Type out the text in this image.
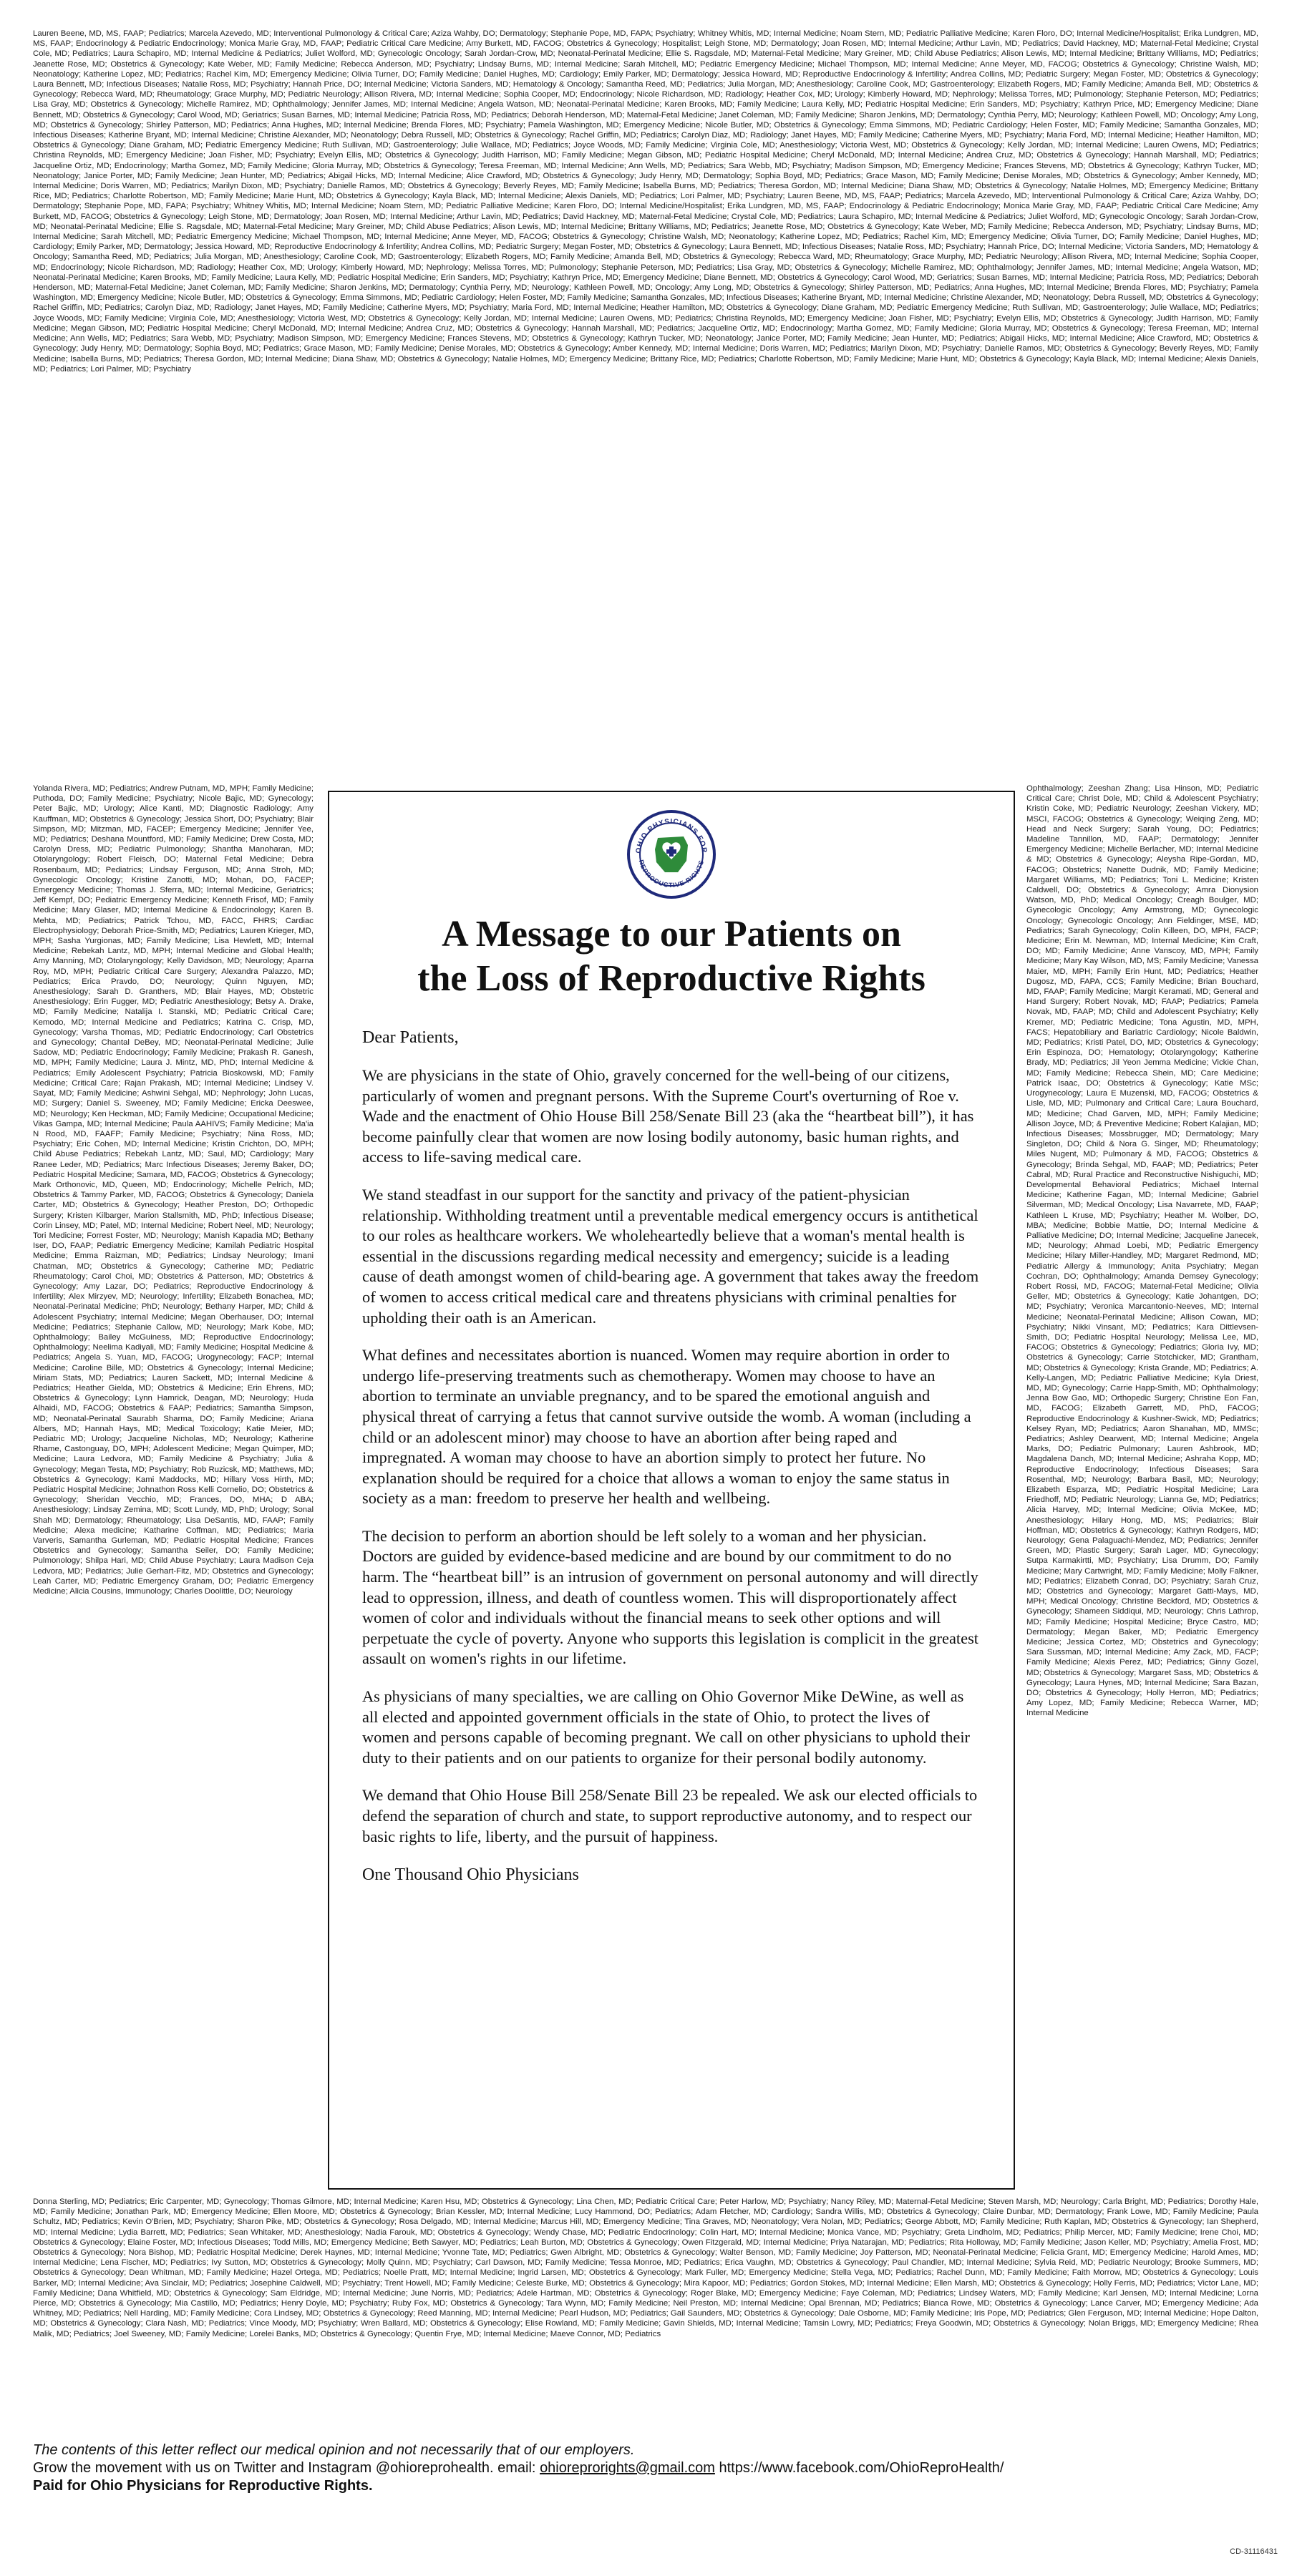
Lauren Beene, MD, MS, FAAP; Pediatrics; Marcela Azevedo, MD; Interventional Pulmonology & Critical Care; Aziza Wahby, DO; Dermatology; Stephanie Pope, MD, FAPA; Psychiatry; Whitney Whitis, MD; Internal Medicine; Noam Stern, MD; Pediatric Palliative Medicine; Karen Floro, DO; Internal Medicine/Hospitalist; Erika Lundgren, MD, MS, FAAP; Endocrinology & Pediatric Endocrinology; Monica Marie Gray, MD, FAAP; Pediatric Critical Care Medicine; Amy Burkett, MD, FACOG; Obstetrics & Gynecology; Hospitalist; Leigh Stone, MD; Dermatology; Joan Rosen, MD; Internal Medicine; Arthur Lavin, MD; Pediatrics; David Hackney, MD; Maternal-Fetal Medicine; Crystal Cole, MD; Pediatrics; Laura Schapiro, MD; Internal Medicine & Pediatrics; Juliet Wolford, MD; Gynecologic Oncology; Sarah Jordan-Crow, MD; Neonatal-Perinatal Medicine; Ellie S. Ragsdale, MD; Maternal-Fetal Medicine; Mary Greiner, MD; Child Abuse Pediatrics; Alison Lewis, MD; Internal Medicine; Brittany Williams, MD; Pediatrics; Jeanette Rose, MD; Obstetrics & Gynecology; Kate Weber, MD; Family Medicine; Rebecca Anderson, MD; Psychiatry; Lindsay Burns, MD; Internal Medicine; Sarah Mitchell, MD; Pediatric Emergency Medicine; Michael Thompson, MD; Internal Medicine; Anne Meyer, MD, FACOG; Obstetrics & Gynecology; Christine Walsh, MD; Neonatology; Katherine Lopez, MD; Pediatrics; Rachel Kim, MD; Emergency Medicine; Olivia Turner, DO; Family Medicine; Daniel Hughes, MD; Cardiology; Emily Parker, MD; Dermatology; Jessica Howard, MD; Reproductive Endocrinology & Infertility; Andrea Collins, MD; Pediatric Surgery; Megan Foster, MD; Obstetrics & Gynecology; Laura Bennett, MD; Infectious Diseases; Natalie Ross, MD; Psychiatry; Hannah Price, DO; Internal Medicine; Victoria Sanders, MD; Hematology & Oncology; Samantha Reed, MD; Pediatrics; Julia Morgan, MD; Anesthesiology; Caroline Cook, MD; Gastroenterology; Elizabeth Rogers, MD; Family Medicine; Amanda Bell, MD; Obstetrics & Gynecology; Rebecca Ward, MD; Rheumatology; Grace Murphy, MD; Pediatric Neurology; Allison Rivera, MD; Internal Medicine; Sophia Cooper, MD; Endocrinology; Nicole Richardson, MD; Radiology; Heather Cox, MD; Urology; Kimberly Howard, MD; Nephrology; Melissa Torres, MD; Pulmonology; Stephanie Peterson, MD; Pediatrics; Lisa Gray, MD; Obstetrics & Gynecology; Michelle Ramirez, MD; Ophthalmology; Jennifer James, MD; Internal Medicine; Angela Watson, MD; Neonatal-Perinatal Medicine; Karen Brooks, MD; Family Medicine; Laura Kelly, MD; Pediatric Hospital Medicine; Erin Sanders, MD; Psychiatry; Kathryn Price, MD; Emergency Medicine; Diane Bennett, MD; Obstetrics & Gynecology; Carol Wood, MD; Geriatrics; Susan Barnes, MD; Internal Medicine; Patricia Ross, MD; Pediatrics; Deborah Henderson, MD; Maternal-Fetal Medicine; Janet Coleman, MD; Family Medicine; Sharon Jenkins, MD; Dermatology; Cynthia Perry, MD; Neurology; Kathleen Powell, MD; Oncology; Amy Long, MD; Obstetrics & Gynecology; Shirley Patterson, MD; Pediatrics; Anna Hughes, MD; Internal Medicine; Brenda Flores, MD; Psychiatry; Pamela Washington, MD; Emergency Medicine; Nicole Butler, MD; Obstetrics & Gynecology; Emma Simmons, MD; Pediatric Cardiology; Helen Foster, MD; Family Medicine; Samantha Gonzales, MD; Infectious Diseases; Katherine Bryant, MD; Internal Medicine; Christine Alexander, MD; Neonatology; Debra Russell, MD; Obstetrics & Gynecology; Rachel Griffin, MD; Pediatrics; Carolyn Diaz, MD; Radiology; Janet Hayes, MD; Family Medicine; Catherine Myers, MD; Psychiatry; Maria Ford, MD; Internal Medicine; Heather Hamilton, MD; Obstetrics & Gynecology; Diane Graham, MD; Pediatric Emergency Medicine; Ruth Sullivan, MD; Gastroenterology; Julie Wallace, MD; Pediatrics; Joyce Woods, MD; Family Medicine; Virginia Cole, MD; Anesthesiology; Victoria West, MD; Obstetrics & Gynecology; Kelly Jordan, MD; Internal Medicine; Lauren Owens, MD; Pediatrics; Christina Reynolds, MD; Emergency Medicine; Joan Fisher, MD; Psychiatry; Evelyn Ellis, MD; Obstetrics & Gynecology; Judith Harrison, MD; Family Medicine; Megan Gibson, MD; Pediatric Hospital Medicine; Cheryl McDonald, MD; Internal Medicine; Andrea Cruz, MD; Obstetrics & Gynecology; Hannah Marshall, MD; Pediatrics; Jacqueline Ortiz, MD; Endocrinology; Martha Gomez, MD; Family Medicine; Gloria Murray, MD; Obstetrics & Gynecology; Teresa Freeman, MD; Internal Medicine; Ann Wells, MD; Pediatrics; Sara Webb, MD; Psychiatry; Madison Simpson, MD; Emergency Medicine; Frances Stevens, MD; Obstetrics & Gynecology; Kathryn Tucker, MD; Neonatology; Janice Porter, MD; Family Medicine; Jean Hunter, MD; Pediatrics; Abigail Hicks, MD; Internal Medicine; Alice Crawford, MD; Obstetrics & Gynecology; Judy Henry, MD; Dermatology; Sophia Boyd, MD; Pediatrics; Grace Mason, MD; Family Medicine; Denise Morales, MD; Obstetrics & Gynecology; Amber Kennedy, MD; Internal Medicine; Doris Warren, MD; Pediatrics; Marilyn Dixon, MD; Psychiatry; Danielle Ramos, MD; Obstetrics & Gynecology; Beverly Reyes, MD; Family Medicine; Isabella Burns, MD; Pediatrics; Theresa Gordon, MD; Internal Medicine; Diana Shaw, MD; Obstetrics & Gynecology; Natalie Holmes, MD; Emergency Medicine; Brittany Rice, MD; Pediatrics; Charlotte Robertson, MD; Family Medicine; Marie Hunt, MD; Obstetrics & Gynecology; Kayla Black, MD; Internal Medicine; Alexis Daniels, MD; Pediatrics; Lori Palmer, MD; Psychiatry; Lauren Beene, MD, MS, FAAP; Pediatrics; Marcela Azevedo, MD; Interventional Pulmonology & Critical Care; Aziza Wahby, DO; Dermatology; Stephanie Pope, MD, FAPA; Psychiatry; Whitney Whitis, MD; Internal Medicine; Noam Stern, MD; Pediatric Palliative Medicine; Karen Floro, DO; Internal Medicine/Hospitalist; Erika Lundgren, MD, MS, FAAP; Endocrinology & Pediatric Endocrinology; Monica Marie Gray, MD, FAAP; Pediatric Critical Care Medicine; Amy Burkett, MD, FACOG; Obstetrics & Gynecology; Leigh Stone, MD; Dermatology; Joan Rosen, MD; Internal Medicine; Arthur Lavin, MD; Pediatrics; David Hackney, MD; Maternal-Fetal Medicine; Crystal Cole, MD; Pediatrics; Laura Schapiro, MD; Internal Medicine & Pediatrics; Juliet Wolford, MD; Gynecologic Oncology; Sarah Jordan-Crow, MD; Neonatal-Perinatal Medicine; Ellie S. Ragsdale, MD; Maternal-Fetal Medicine; Mary Greiner, MD; Child Abuse Pediatrics; Alison Lewis, MD; Internal Medicine; Brittany Williams, MD; Pediatrics; Jeanette Rose, MD; Obstetrics & Gynecology; Kate Weber, MD; Family Medicine; Rebecca Anderson, MD; Psychiatry; Lindsay Burns, MD; Internal Medicine; Sarah Mitchell, MD; Pediatric Emergency Medicine; Michael Thompson, MD; Internal Medicine; Anne Meyer, MD, FACOG; Obstetrics & Gynecology; Christine Walsh, MD; Neonatology; Katherine Lopez, MD; Pediatrics; Rachel Kim, MD; Emergency Medicine; Olivia Turner, DO; Family Medicine; Daniel Hughes, MD; Cardiology; Emily Parker, MD; Dermatology; Jessica Howard, MD; Reproductive Endocrinology & Infertility; Andrea Collins, MD; Pediatric Surgery; Megan Foster, MD; Obstetrics & Gynecology; Laura Bennett, MD; Infectious Diseases; Natalie Ross, MD; Psychiatry; Hannah Price, DO; Internal Medicine; Victoria Sanders, MD; Hematology & Oncology; Samantha Reed, MD; Pediatrics; Julia Morgan, MD; Anesthesiology; Caroline Cook, MD; Gastroenterology; Elizabeth Rogers, MD; Family Medicine; Amanda Bell, MD; Obstetrics & Gynecology; Rebecca Ward, MD; Rheumatology; Grace Murphy, MD; Pediatric Neurology; Allison Rivera, MD; Internal Medicine; Sophia Cooper, MD; Endocrinology; Nicole Richardson, MD; Radiology; Heather Cox, MD; Urology; Kimberly Howard, MD; Nephrology; Melissa Torres, MD; Pulmonology; Stephanie Peterson, MD; Pediatrics; Lisa Gray, MD; Obstetrics & Gynecology; Michelle Ramirez, MD; Ophthalmology; Jennifer James, MD; Internal Medicine; Angela Watson, MD; Neonatal-Perinatal Medicine; Karen Brooks, MD; Family Medicine; Laura Kelly, MD; Pediatric Hospital Medicine; Erin Sanders, MD; Psychiatry; Kathryn Price, MD; Emergency Medicine; Diane Bennett, MD; Obstetrics & Gynecology; Carol Wood, MD; Geriatrics; Susan Barnes, MD; Internal Medicine; Patricia Ross, MD; Pediatrics; Deborah Henderson, MD; Maternal-Fetal Medicine; Janet Coleman, MD; Family Medicine; Sharon Jenkins, MD; Dermatology; Cynthia Perry, MD; Neurology; Kathleen Powell, MD; Oncology; Amy Long, MD; Obstetrics & Gynecology; Shirley Patterson, MD; Pediatrics; Anna Hughes, MD; Internal Medicine; Brenda Flores, MD; Psychiatry; Pamela Washington, MD; Emergency Medicine; Nicole Butler, MD; Obstetrics & Gynecology; Emma Simmons, MD; Pediatric Cardiology; Helen Foster, MD; Family Medicine; Samantha Gonzales, MD; Infectious Diseases; Katherine Bryant, MD; Internal Medicine; Christine Alexander, MD; Neonatology; Debra Russell, MD; Obstetrics & Gynecology; Rachel Griffin, MD; Pediatrics; Carolyn Diaz, MD; Radiology; Janet Hayes, MD; Family Medicine; Catherine Myers, MD; Psychiatry; Maria Ford, MD; Internal Medicine; Heather Hamilton, MD; Obstetrics & Gynecology; Diane Graham, MD; Pediatric Emergency Medicine; Ruth Sullivan, MD; Gastroenterology; Julie Wallace, MD; Pediatrics; Joyce Woods, MD; Family Medicine; Virginia Cole, MD; Anesthesiology; Victoria West, MD; Obstetrics & Gynecology; Kelly Jordan, MD; Internal Medicine; Lauren Owens, MD; Pediatrics; Christina Reynolds, MD; Emergency Medicine; Joan Fisher, MD; Psychiatry; Evelyn Ellis, MD; Obstetrics & Gynecology; Judith Harrison, MD; Family Medicine; Megan Gibson, MD; Pediatric Hospital Medicine; Cheryl McDonald, MD; Internal Medicine; Andrea Cruz, MD; Obstetrics & Gynecology; Hannah Marshall, MD; Pediatrics; Jacqueline Ortiz, MD; Endocrinology; Martha Gomez, MD; Family Medicine; Gloria Murray, MD; Obstetrics & Gynecology; Teresa Freeman, MD; Internal Medicine; Ann Wells, MD; Pediatrics; Sara Webb, MD; Psychiatry; Madison Simpson, MD; Emergency Medicine; Frances Stevens, MD; Obstetrics & Gynecology; Kathryn Tucker, MD; Neonatology; Janice Porter, MD; Family Medicine; Jean Hunter, MD; Pediatrics; Abigail Hicks, MD; Internal Medicine; Alice Crawford, MD; Obstetrics & Gynecology; Judy Henry, MD; Dermatology; Sophia Boyd, MD; Pediatrics; Grace Mason, MD; Family Medicine; Denise Morales, MD; Obstetrics & Gynecology; Amber Kennedy, MD; Internal Medicine; Doris Warren, MD; Pediatrics; Marilyn Dixon, MD; Psychiatry; Danielle Ramos, MD; Obstetrics & Gynecology; Beverly Reyes, MD; Family Medicine; Isabella Burns, MD; Pediatrics; Theresa Gordon, MD; Internal Medicine; Diana Shaw, MD; Obstetrics & Gynecology; Natalie Holmes, MD; Emergency Medicine; Brittany Rice, MD; Pediatrics; Charlotte Robertson, MD; Family Medicine; Marie Hunt, MD; Obstetrics & Gynecology; Kayla Black, MD; Internal Medicine; Alexis Daniels, MD; Pediatrics; Lori Palmer, MD; Psychiatry
Yolanda Rivera, MD; Pediatrics; Andrew Putnam, MD, MPH; Family Medicine; Puthoda, DO; Family Medicine; Psychiatry; Nicole Bajic, MD; Gynecology; Peter Bajic, MD; Urology; Alice Kanti, MD; Diagnostic Radiology; Amy Kauffman, MD; Obstetrics & Gynecology; Jessica Short, DO; Psychiatry; Blair Simpson, MD; Mitzman, MD, FACEP; Emergency Medicine; Jennifer Yee, MD; Pediatrics; Deshana Mountford, MD; Family Medicine; Drew Costa, MD; Carolyn Dress, MD; Pediatric Pulmonology; Shantha Manoharan, MD; Otolaryngology; Robert Fleisch, DO; Maternal Fetal Medicine; Debra Rosenbaum, MD; Pediatrics; Lindsay Ferguson, MD; Anna Stroh, MD; Gynecologic Oncology; Kristine Zanotti, MD; Mohan, DO, FACEP; Emergency Medicine; Thomas J. Sferra, MD; Internal Medicine, Geriatrics; Jeff Kempf, DO; Pediatric Emergency Medicine; Kenneth Frisof, MD; Family Medicine; Mary Glaser, MD; Internal Medicine & Endocrinology; Karen B. Mehta, MD; Pediatrics; Patrick Tchou, MD, FACC, FHRS; Cardiac Electrophysiology; Deborah Price-Smith, MD; Pediatrics; Lauren Krieger, MD, MPH; Sasha Yurgionas, MD; Family Medicine; Lisa Hewlett, MD; Internal Medicine; Rebekah Lantz, MD, MPH; Internal Medicine and Global Health; Amy Manning, MD; Otolaryngology; Kelly Davidson, MD; Neurology; Aparna Roy, MD, MPH; Pediatric Critical Care Surgery; Alexandra Palazzo, MD; Pediatrics; Erica Pravdo, DO; Neurology; Quinn Nguyen, MD; Anesthesiology; Sarah D. Granthers, MD; Blair Hayes, MD; Obstetric Anesthesiology; Erin Fugger, MD; Pediatric Anesthesiology; Betsy A. Drake, MD; Family Medicine; Natalija I. Stanski, MD; Pediatric Critical Care; Kemodo, MD; Internal Medicine and Pediatrics; Katrina C. Crisp, MD, Gynecology; Varsha Thomas, MD; Pediatric Endocrinology; Carl Obstetrics and Gynecology; Chantal DeBey, MD; Neonatal-Perinatal Medicine; Julie Sadow, MD; Pediatric Endocrinology; Family Medicine; Prakash R. Ganesh, MD, MPH; Family Medicine; Laura J. Mintz, MD, PhD; Internal Medicine & Pediatrics; Emily Adolescent Psychiatry; Patricia Bioskowski, MD; Family Medicine; Critical Care; Rajan Prakash, MD; Internal Medicine; Lindsey V. Sayat, MD; Family Medicine; Ashwini Sehgal, MD; Nephrology; John Lucas, MD; Surgery; Daniel S. Sweeney, MD; Family Medicine; Ericka Deeswee, MD; Neurology; Ken Heckman, MD; Family Medicine; Occupational Medicine; Vikas Gampa, MD; Internal Medicine; Paula AAHIVS; Family Medicine; Ma'ia N Rood, MD, FAAFP; Family Medicine; Psychiatry; Nina Ross, MD; Psychiatry; Eric Cohen, MD; Internal Medicine; Kristin Crichton, DO, MPH; Child Abuse Pediatrics; Rebekah Lantz, MD; Saul, MD; Cardiology; Mary Ranee Leder, MD; Pediatrics; Marc Infectious Diseases; Jeremy Baker, DO; Pediatric Hospital Medicine; Samara, MD, FACOG; Obstetrics & Gynecology; Mark Orthonovic, MD, Queen, MD; Endocrinology; Michelle Pelrich, MD; Obstetrics & Tammy Parker, MD, FACOG; Obstetrics & Gynecology; Daniela Carter, MD; Obstetrics & Gynecology; Heather Preston, DO; Orthopedic Surgery; Kristen Kilbarger, Marion Stallsmith, MD, PhD; Infectious Disease; Corin Linsey, MD; Patel, MD; Internal Medicine; Robert Neel, MD; Neurology; Tori Medicine; Forrest Foster, MD; Neurology; Manish Kapadia MD; Bethany Iser, DO, FAAP; Pediatric Emergency Medicine; Kamilah Pediatric Hospital Medicine; Emma Raizman, MD; Pediatrics; Lindsay Neurology; Imani Chatman, MD; Obstetrics & Gynecology; Catherine MD; Pediatric Rheumatology; Carol Choi, MD; Obstetrics & Patterson, MD; Obstetrics & Gynecology; Amy Lazar, DO; Pediatrics; Reproductive Endocrinology & Infertility; Alex Mirzyev, MD; Neurology; Infertility; Elizabeth Bonachea, MD; Neonatal-Perinatal Medicine; PhD; Neurology; Bethany Harper, MD; Child & Adolescent Psychiatry; Internal Medicine; Megan Oberhauser, DO; Internal Medicine; Pediatrics; Stephanie Callow, MD; Neurology; Mark Kobe, MD; Ophthalmology; Bailey McGuiness, MD; Reproductive Endocrinology; Ophthalmology; Neelima Kadiyali, MD; Family Medicine; Hospital Medicine & Pediatrics; Angela S. Yuan, MD, FACOG; Urogynecology; FACP; Internal Medicine; Caroline Bille, MD; Obstetrics & Gynecology; Internal Medicine; Miriam Stats, MD; Pediatrics; Lauren Sackett, MD; Internal Medicine & Pediatrics; Heather Gielda, MD; Obstetrics & Medicine; Erin Ehrens, MD; Obstetrics & Gynecology; Lynn Hamrick, Deagan, MD; Neurology; Huda Alhaidi, MD, FACOG; Obstetrics & FAAP; Pediatrics; Samantha Simpson, MD; Neonatal-Perinatal Saurabh Sharma, DO; Family Medicine; Ariana Albers, MD; Hannah Hays, MD; Medical Toxicology; Katie Meier, MD; Pediatric MD; Urology; Jacqueline Nicholas, MD; Neurology; Katherine Rhame, Castonguay, DO, MPH; Adolescent Medicine; Megan Quimper, MD; Medicine; Laura Ledvora, MD; Family Medicine & Psychiatry; Julia & Gynecology; Megan Testa, MD; Psychiatry; Rob Ruzicsk, MD; Matthews, MD; Obstetrics & Gynecology; Kami Maddocks, MD; Hillary Voss Hirth, MD; Pediatric Hospital Medicine; Johnathon Ross Kelli Cornelio, DO; Obstetrics & Gynecology; Sheridan Vecchio, MD; Frances, DO, MHA; D ABA; Anesthesiology; Lindsay Zemina, MD; Scott Lundy, MD, PhD; Urology; Sonal Shah MD; Dermatology; Rheumatology; Lisa DeSantis, MD, FAAP; Family Medicine; Alexa medicine; Katharine Coffman, MD; Pediatrics; Maria Varveris, Samantha Gurleman, MD; Pediatric Hospital Medicine; Frances Obstetrics and Gynecology; Samantha Seiler, DO; Family Medicine; Pulmonology; Shilpa Hari, MD; Child Abuse Psychiatry; Laura Madison Ceja Ledvora, MD; Pediatrics; Julie Gerhart-Fitz, MD; Obstetrics and Gynecology; Leah Carter, MD; Pediatric Emergency Graham, DO; Pediatric Emergency Medicine; Alicia Cousins, Immunology; Charles Doolittle, DO; Neurology
OHIO PHYSICIANS FOR
REPRODUCTIVE RIGHTS
A Message to our Patients on
the Loss of Reproductive Rights

Dear Patients,

We are physicians in the state of Ohio, gravely concerned for the well-being of our citizens, particularly of women and pregnant persons. With the Supreme Court's overturning of Roe v. Wade and the enactment of Ohio House Bill 258/Senate Bill 23 (aka the “heartbeat bill”), it has become painfully clear that women are now losing bodily autonomy, basic human rights, and access to life-saving medical care.

We stand steadfast in our support for the sanctity and privacy of the patient-physician relationship. Withholding treatment until a preventable medical emergency occurs is antithetical to our roles as healthcare workers. We wholeheartedly believe that a woman's mental health is essential in the discussions regarding medical necessity and emergency; suicide is a leading cause of death amongst women of child-bearing age. A government that takes away the freedom of women to access critical medical care and threatens physicians with criminal penalties for upholding their oath is an American.

What defines and necessitates abortion is nuanced. Women may require abortion in order to undergo life-preserving treatments such as chemotherapy. Women may choose to have an abortion to terminate an unviable pregnancy, and to be spared the emotional anguish and physical threat of carrying a fetus that cannot survive outside the womb. A woman (including a child or an adolescent minor) may choose to have an abortion after being raped and impregnated. A woman may choose to have an abortion simply to protect her future. No explanation should be required for a choice that allows a woman to enjoy the same status in society as a man: freedom to preserve her health and wellbeing.

The decision to perform an abortion should be left solely to a woman and her physician. Doctors are guided by evidence-based medicine and are bound by our commitment to do no harm. The “heartbeat bill” is an intrusion of government on personal autonomy and will directly lead to oppression, illness, and death of countless women. This will disproportionately affect women of color and individuals without the financial means to seek other options and will perpetuate the cycle of poverty. Anyone who supports this legislation is complicit in the greatest assault on women's rights in our lifetime.

As physicians of many specialties, we are calling on Ohio Governor Mike DeWine, as well as all elected and appointed government officials in the state of Ohio, to protect the lives of women and persons capable of becoming pregnant. We call on other physicians to uphold their duty to their patients and on our patients to organize for their personal bodily autonomy.

We demand that Ohio House Bill 258/Senate Bill 23 be repealed. We ask our elected officials to defend the separation of church and state, to support reproductive autonomy, and to respect our basic rights to life, liberty, and the pursuit of happiness.

One Thousand Ohio Physicians

Ophthalmology; Zeeshan Zhang; Lisa Hinson, MD; Pediatric Critical Care; Christ Dole, MD; Child & Adolescent Psychiatry; Kristin Coke, MD; Pediatric Neurology; Zeeshan Vickery, MD; MSCI, FACOG; Obstetrics & Gynecology; Weiqing Zeng, MD; Head and Neck Surgery; Sarah Young, DO; Pediatrics; Madeline Tannillon, MD, FAAP; Dermatology; Jennifer Emergency Medicine; Michelle Berlacher, MD; Internal Medicine & MD; Obstetrics & Gynecology; Aleysha Ripe-Gordan, MD, FACOG; Obstetrics; Nanette Dudnik, MD; Family Medicine; Margaret Williams, MD; Pediatrics; Toni L. Medicine; Kristen Caldwell, DO; Obstetrics & Gynecology; Amra Dionysion Watson, MD, PhD; Medical Oncology; Creagh Boulger, MD; Gynecologic Oncology; Amy Armstrong, MD; Gynecologic Oncology; Gynecologic Oncology; Ann Fieldinger, MSE, MD; Pediatrics; Sarah Gynecology; Colin Killeen, DO, MPH, FACP; Medicine; Erin M. Newman, MD; Internal Medicine; Kim Craft, DO; MD; Family Medicine; Anne Vanscoy, MD, MPH; Family Medicine; Mary Kay Wilson, MD, MS; Family Medicine; Vanessa Maier, MD, MPH; Family Erin Hunt, MD; Pediatrics; Heather Dugosz, MD, FAPA, CCS; Family Medicine; Brian Bouchard, MD, FAAP; Family Medicine; Margit Keramati, MD; General and Hand Surgery; Robert Novak, MD; FAAP; Pediatrics; Pamela Novak, MD, FAAP; MD; Child and Adolescent Psychiatry; Kelly Kremer, MD; Pediatric Medicine; Tona Agustin, MD, MPH, FACS; Hepatobiliary and Bariatric Cardiology; Nicole Baldwin, MD; Pediatrics; Kristi Patel, DO, MD; Obstetrics & Gynecology; Erin Espinoza, DO; Hematology; Otolaryngology; Katherine Brady, MD; Pediatrics; Jil Yeon Jemma Medicine; Vickie Chan, MD; Family Medicine; Rebecca Shein, MD; Care Medicine; Patrick Isaac, DO; Obstetrics & Gynecology; Katie MSc; Urogynecology; Laura E Muzenski, MD, FACOG; Obstetrics & Lisle, MD, MD; Pulmonary and Critical Care; Laura Bouchard, MD; Medicine; Chad Garven, MD, MPH; Family Medicine; Allison Joyce, MD; & Preventive Medicine; Robert Kalajian, MD; Infectious Diseases; Mossbrugger, MD; Dermatology; Mary Singleton, DO; Child & Nora G. Singer, MD; Rheumatology; Miles Nugent, MD; Pulmonary & MD, FACOG; Obstetrics & Gynecology; Brinda Sehgal, MD, FAAP; MD; Pediatrics; Peter Cabral, MD; Rural Practice and Reconstructive Nishiguchi, MD; Developmental Behavioral Pediatrics; Michael Internal Medicine; Katherine Fagan, MD; Internal Medicine; Gabriel Silverman, MD; Medical Oncology; Lisa Navarrete, MD, FAAP; Kathleen L Kruse, MD; Psychiatry; Heather M. Wolber, DO, MBA; Medicine; Bobbie Mattie, DO; Internal Medicine & Palliative Medicine; DO; Internal Medicine; Jacqueline Janecek, MD; Neurology; Ahmad Loebi, MD; Pediatric Emergency Medicine; Hilary Miller-Handley, MD; Margaret Redmond, MD; Pediatric Allergy & Immunology; Anita Psychiatry; Megan Cochran, DO; Ophthalmology; Amanda Demsey Gynecology; Robert Rossi, MD, FACOG; Maternal-Fetal Medicine; Olivia Geller, MD; Obstetrics & Gynecology; Katie Johantgen, DO; MD; Psychiatry; Veronica Marcantonio-Neeves, MD; Internal Medicine; Neonatal-Perinatal Medicine; Allison Cowan, MD; Psychiatry; Nikki Vinsant, MD; Pediatrics; Kara Dittlevsen-Smith, DO; Pediatric Hospital Neurology; Melissa Lee, MD, FACOG; Obstetrics & Gynecology; Pediatrics; Gloria Ivy, MD; Obstetrics & Gynecology; Carrie Stotchicker, MD; Grantham, MD; Obstetrics & Gynecology; Krista Grande, MD; Pediatrics; A. Kelly-Langen, MD; Pediatric Palliative Medicine; Kyla Driest, MD, MD; Gynecology; Carrie Happ-Smith, MD; Ophthalmology; Jenna Bow Gao, MD; Orthopedic Surgery; Christine Eon Fan, MD, FACOG; Elizabeth Garrett, MD, PhD, FACOG; Reproductive Endocrinology & Kushner-Swick, MD; Pediatrics; Kelsey Ryan, MD; Pediatrics; Aaron Shanahan, MD, MMSc; Pediatrics; Ashley Dearwent, MD; Internal Medicine; Angela Marks, DO; Pediatric Pulmonary; Lauren Ashbrook, MD; Magdalena Danch, MD; Internal Medicine; Ashraha Kopp, MD; Reproductive Endocrinology; Infectious Diseases; Sara Rosenthal, MD; Neurology; Barbara Basil, MD; Neurology; Elizabeth Esparza, MD; Pediatric Hospital Medicine; Lara Friedhoff, MD; Pediatric Neurology; Lianna Ge, MD; Pediatrics; Alicia Harvey, MD; Internal Medicine; Olivia McKee, MD; Anesthesiology; Hilary Hong, MD, MS; Pediatrics; Blair Hoffman, MD; Obstetrics & Gynecology; Kathryn Rodgers, MD; Neurology; Gena Palaguachi-Mendez, MD; Pediatrics; Jennifer Green, MD; Plastic Surgery; Sarah Lager, MD; Gynecology; Sutpa Karmakirtti, MD; Psychiatry; Lisa Drumm, DO; Family Medicine; Mary Cartwright, MD; Family Medicine; Molly Falkner, MD; Pediatrics; Elizabeth Conrad, DO; Psychiatry; Sarah Cruz, MD; Obstetrics and Gynecology; Margaret Gatti-Mays, MD, MPH; Medical Oncology; Christine Beckford, MD; Obstetrics & Gynecology; Shameen Siddiqui, MD; Neurology; Chris Lathrop, MD; Family Medicine; Hospital Medicine; Bryce Castro, MD; Dermatology; Megan Baker, MD; Pediatric Emergency Medicine; Jessica Cortez, MD; Obstetrics and Gynecology; Sara Sussman, MD; Internal Medicine; Amy Zack, MD, FACP; Family Medicine; Alexis Perez, MD; Pediatrics; Ginny Gozel, MD; Obstetrics & Gynecology; Margaret Sass, MD; Obstetrics & Gynecology; Laura Hynes, MD; Internal Medicine; Sara Bazan, DO; Obstetrics & Gynecology; Holly Herron, MD; Pediatrics; Amy Lopez, MD; Family Medicine; Rebecca Warner, MD; Internal Medicine
Donna Sterling, MD; Pediatrics; Eric Carpenter, MD; Gynecology; Thomas Gilmore, MD; Internal Medicine; Karen Hsu, MD; Obstetrics & Gynecology; Lina Chen, MD; Pediatric Critical Care; Peter Harlow, MD; Psychiatry; Nancy Riley, MD; Maternal-Fetal Medicine; Steven Marsh, MD; Neurology; Carla Bright, MD; Pediatrics; Dorothy Hale, MD; Family Medicine; Jonathan Park, MD; Emergency Medicine; Ellen Moore, MD; Obstetrics & Gynecology; Brian Kessler, MD; Internal Medicine; Lucy Hammond, DO; Pediatrics; Adam Fletcher, MD; Cardiology; Sandra Willis, MD; Obstetrics & Gynecology; Claire Dunbar, MD; Dermatology; Frank Lowe, MD; Family Medicine; Paula Schultz, MD; Pediatrics; Kevin O'Brien, MD; Psychiatry; Sharon Pike, MD; Obstetrics & Gynecology; Rosa Delgado, MD; Internal Medicine; Marcus Hill, MD; Emergency Medicine; Tina Graves, MD; Neonatology; Vera Nolan, MD; Pediatrics; George Abbott, MD; Family Medicine; Ruth Kaplan, MD; Obstetrics & Gynecology; Ian Shepherd, MD; Internal Medicine; Lydia Barrett, MD; Pediatrics; Sean Whitaker, MD; Anesthesiology; Nadia Farouk, MD; Obstetrics & Gynecology; Wendy Chase, MD; Pediatric Endocrinology; Colin Hart, MD; Internal Medicine; Monica Vance, MD; Psychiatry; Greta Lindholm, MD; Pediatrics; Philip Mercer, MD; Family Medicine; Irene Choi, MD; Obstetrics & Gynecology; Elaine Foster, MD; Infectious Diseases; Todd Mills, MD; Emergency Medicine; Beth Sawyer, MD; Pediatrics; Leah Burton, MD; Obstetrics & Gynecology; Owen Fitzgerald, MD; Internal Medicine; Priya Natarajan, MD; Pediatrics; Rita Holloway, MD; Family Medicine; Jason Keller, MD; Psychiatry; Amelia Frost, MD; Obstetrics & Gynecology; Nora Bishop, MD; Pediatric Hospital Medicine; Derek Haynes, MD; Internal Medicine; Yvonne Tate, MD; Pediatrics; Gwen Albright, MD; Obstetrics & Gynecology; Walter Benson, MD; Family Medicine; Joy Patterson, MD; Neonatal-Perinatal Medicine; Felicia Grant, MD; Emergency Medicine; Harold Ames, MD; Internal Medicine; Lena Fischer, MD; Pediatrics; Ivy Sutton, MD; Obstetrics & Gynecology; Molly Quinn, MD; Psychiatry; Carl Dawson, MD; Family Medicine; Tessa Monroe, MD; Pediatrics; Erica Vaughn, MD; Obstetrics & Gynecology; Paul Chandler, MD; Internal Medicine; Sylvia Reid, MD; Pediatric Neurology; Brooke Summers, MD; Obstetrics & Gynecology; Dean Whitman, MD; Family Medicine; Hazel Ortega, MD; Pediatrics; Noelle Pratt, MD; Internal Medicine; Ingrid Larsen, MD; Obstetrics & Gynecology; Mark Fuller, MD; Emergency Medicine; Stella Vega, MD; Pediatrics; Rachel Dunn, MD; Family Medicine; Faith Morrow, MD; Obstetrics & Gynecology; Louis Barker, MD; Internal Medicine; Ava Sinclair, MD; Pediatrics; Josephine Caldwell, MD; Psychiatry; Trent Howell, MD; Family Medicine; Celeste Burke, MD; Obstetrics & Gynecology; Mira Kapoor, MD; Pediatrics; Gordon Stokes, MD; Internal Medicine; Ellen Marsh, MD; Obstetrics & Gynecology; Holly Ferris, MD; Pediatrics; Victor Lane, MD; Family Medicine; Dana Whitfield, MD; Obstetrics & Gynecology; Sam Eldridge, MD; Internal Medicine; June Norris, MD; Pediatrics; Adele Hartman, MD; Obstetrics & Gynecology; Roger Blake, MD; Emergency Medicine; Faye Coleman, MD; Pediatrics; Lindsey Waters, MD; Family Medicine; Karl Jensen, MD; Internal Medicine; Lorna Pierce, MD; Obstetrics & Gynecology; Mia Castillo, MD; Pediatrics; Henry Doyle, MD; Psychiatry; Ruby Fox, MD; Obstetrics & Gynecology; Tara Wynn, MD; Family Medicine; Neil Preston, MD; Internal Medicine; Opal Brennan, MD; Pediatrics; Bianca Rowe, MD; Obstetrics & Gynecology; Lance Carver, MD; Emergency Medicine; Ada Whitney, MD; Pediatrics; Nell Harding, MD; Family Medicine; Cora Lindsey, MD; Obstetrics & Gynecology; Reed Manning, MD; Internal Medicine; Pearl Hudson, MD; Pediatrics; Gail Saunders, MD; Obstetrics & Gynecology; Dale Osborne, MD; Family Medicine; Iris Pope, MD; Pediatrics; Glen Ferguson, MD; Internal Medicine; Hope Dalton, MD; Obstetrics & Gynecology; Clara Nash, MD; Pediatrics; Vince Moody, MD; Psychiatry; Wren Ballard, MD; Obstetrics & Gynecology; Elise Rowland, MD; Family Medicine; Gavin Shields, MD; Internal Medicine; Tamsin Lowry, MD; Pediatrics; Freya Goodwin, MD; Obstetrics & Gynecology; Nolan Briggs, MD; Emergency Medicine; Rhea Malik, MD; Pediatrics; Joel Sweeney, MD; Family Medicine; Lorelei Banks, MD; Obstetrics & Gynecology; Quentin Frye, MD; Internal Medicine; Maeve Connor, MD; Pediatrics
The contents of this letter reflect our medical opinion and not necessarily that of our employers.
Grow the movement with us on Twitter and Instagram @ohioreprohealth. email: ohioreprorights@gmail.com https://www.facebook.com/OhioReproHealth/
Paid for Ohio Physicians for Reproductive Rights.
CD-31116431
